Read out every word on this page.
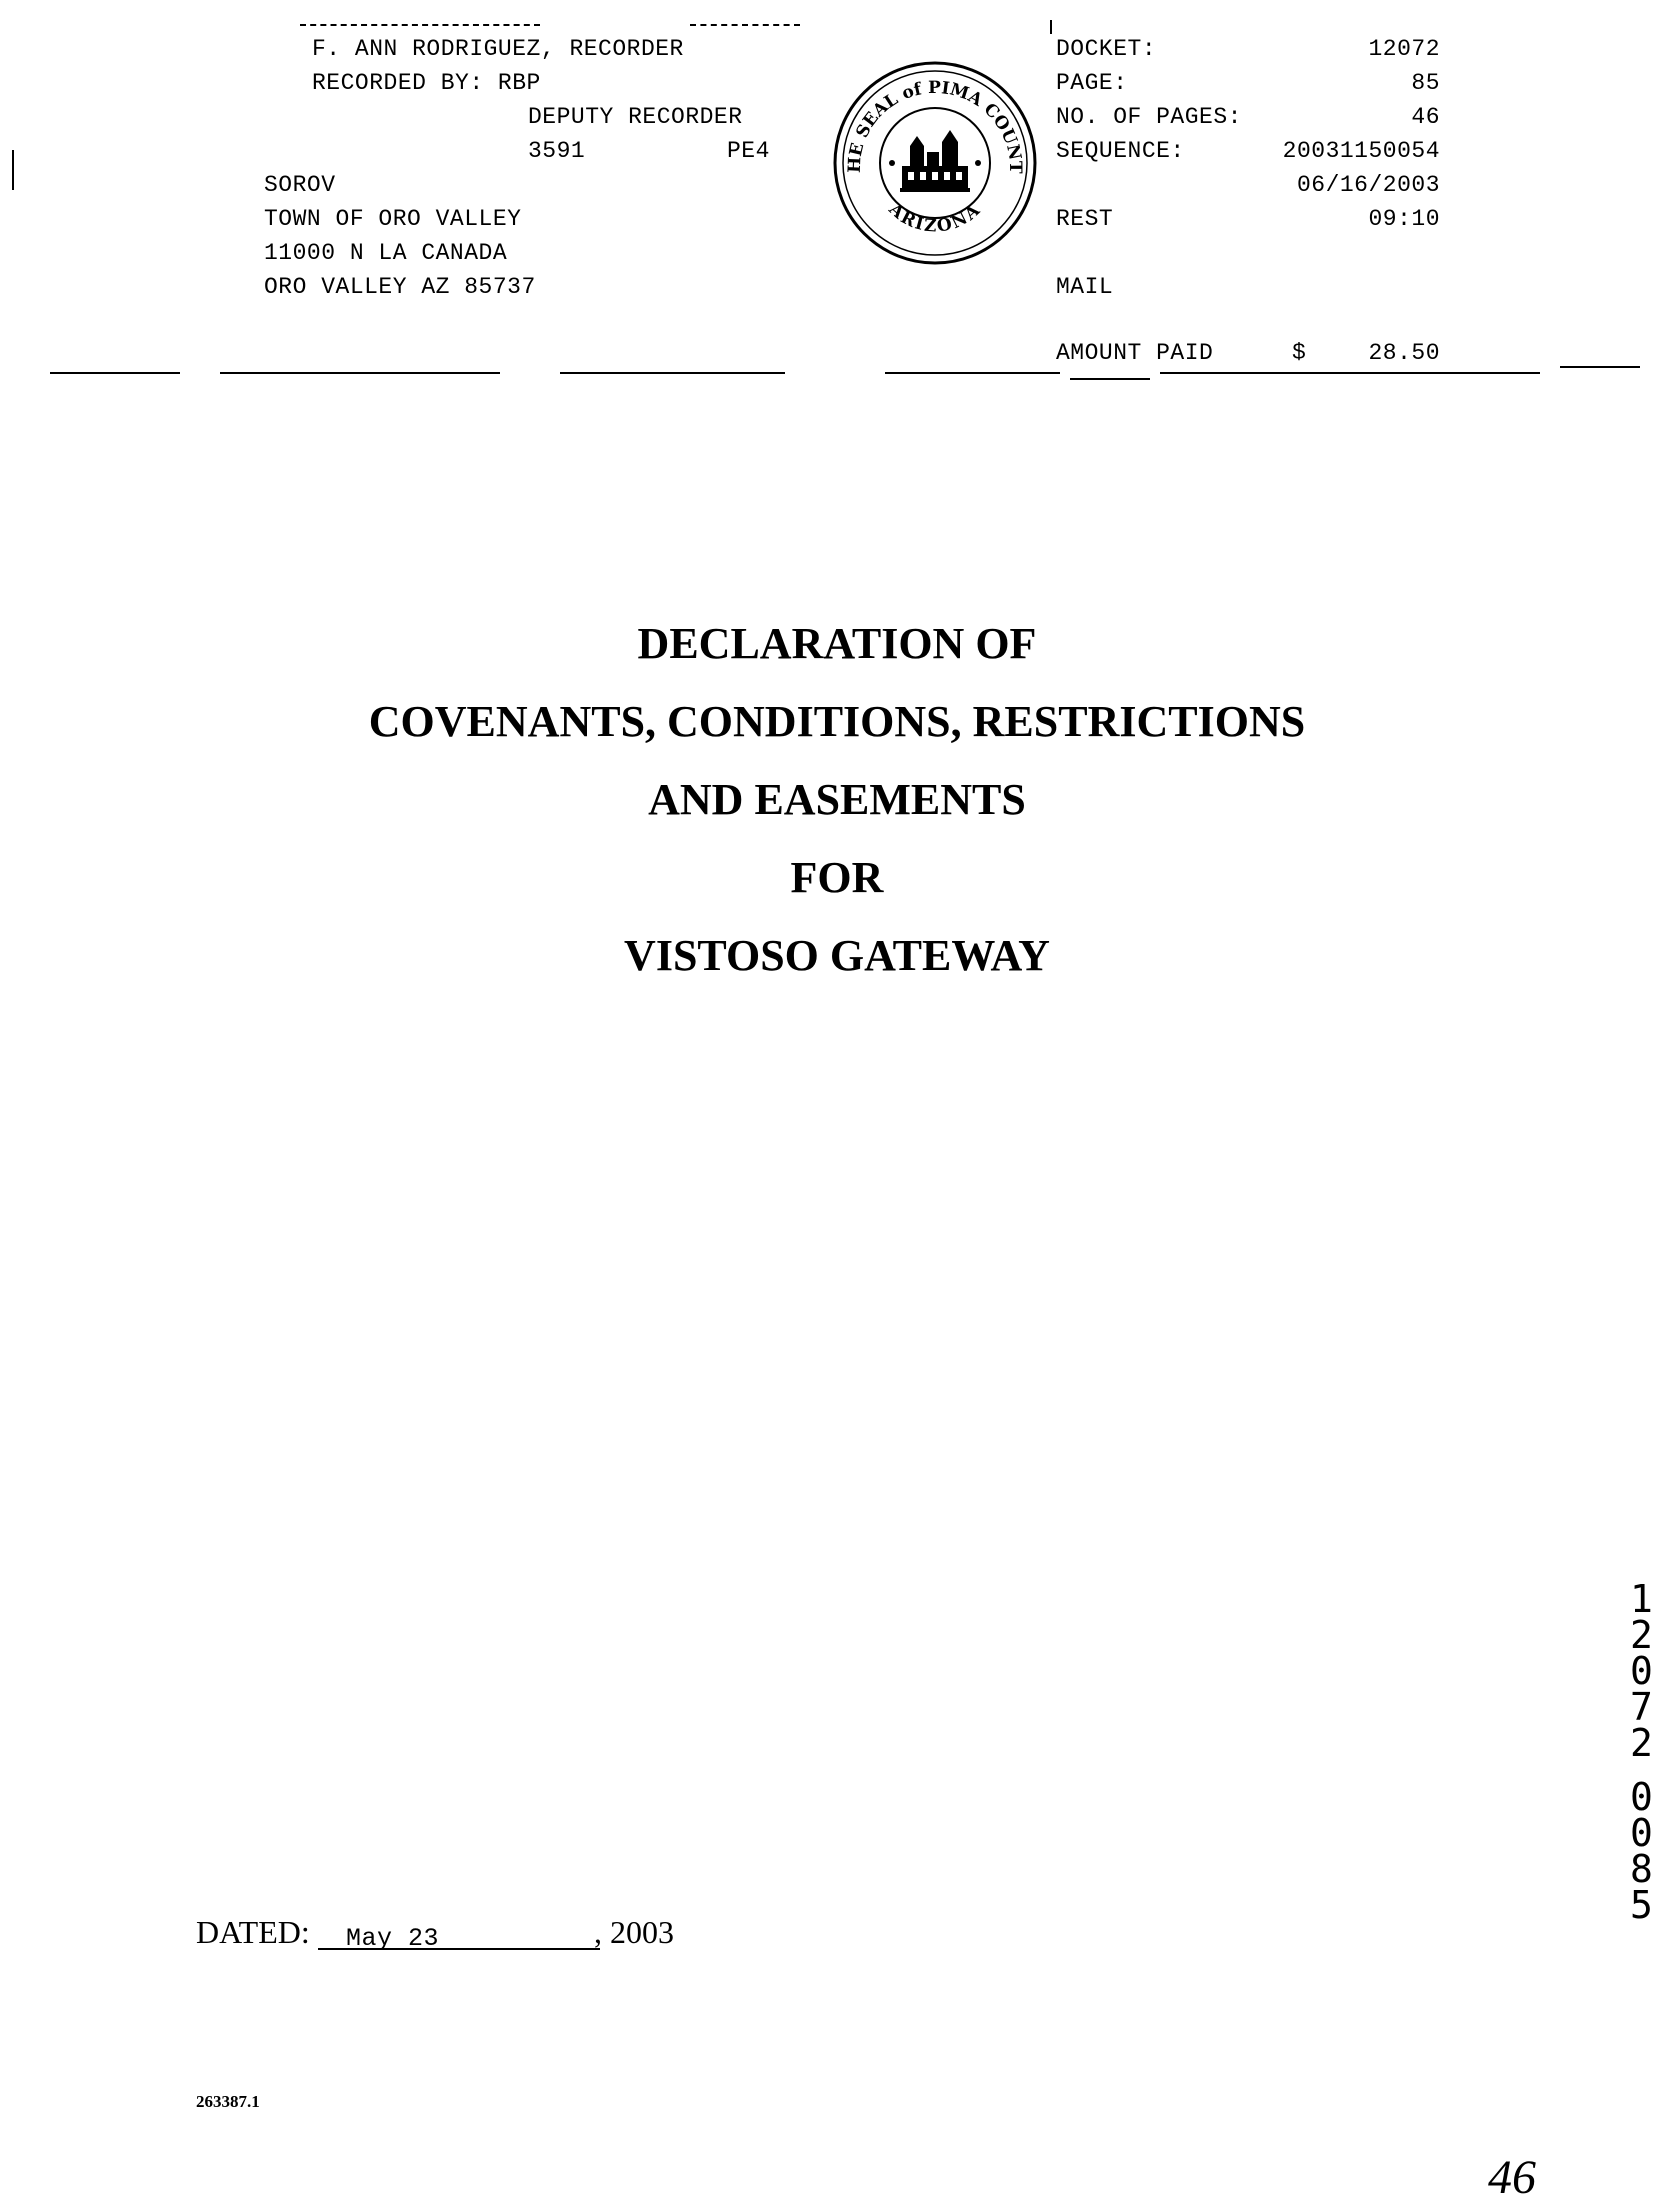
F. ANN RODRIGUEZ, RECORDER
RECORDED BY: RBP
DEPUTY RECORDER
3591	PE4
SOROV
TOWN OF ORO VALLEY
11000 N LA CANADA
ORO VALLEY AZ 85737
HE SEAL of PIMA COUNT
ARIZONA
DOCKET:	12072
PAGE:	85
NO. OF PAGES:	46
SEQUENCE:	20031150054
06/16/2003
REST	09:10
MAIL
AMOUNT PAID	$	28.50
DECLARATION OF
COVENANTS, CONDITIONS, RESTRICTIONS
AND EASEMENTS
FOR
VISTOSO GATEWAY
DATED: May 23	, 2003
263387.1
1
2
0
7
2
0
0
8
5
46
